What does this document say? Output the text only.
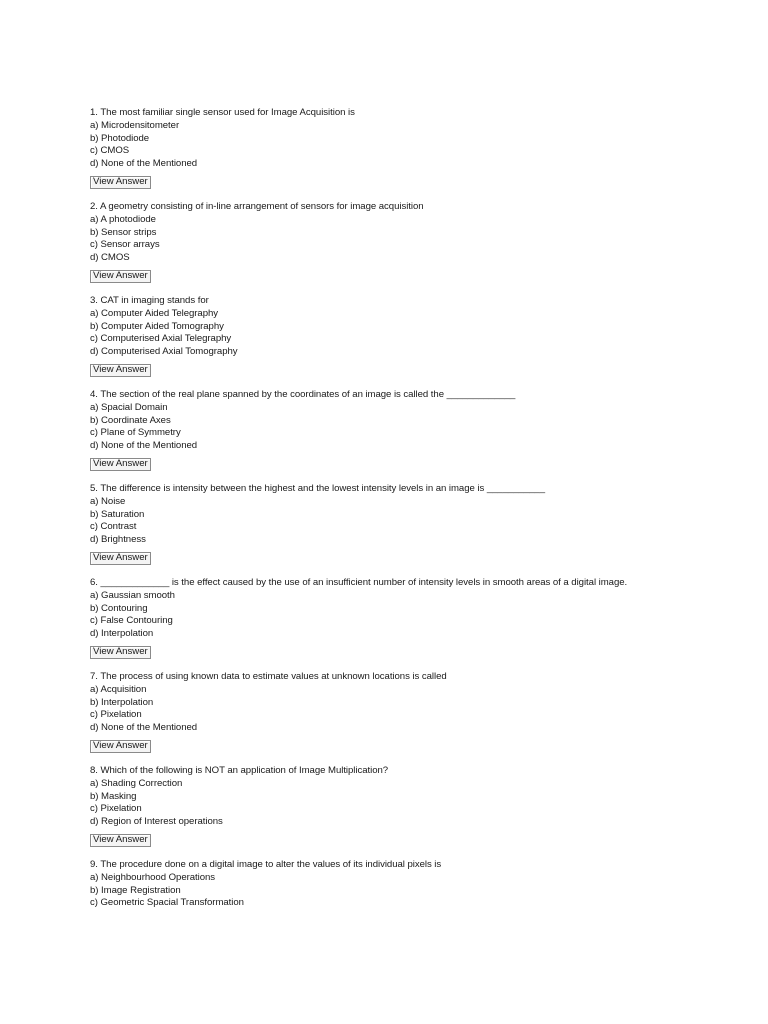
1. The most familiar single sensor used for Image Acquisition is
a) Microdensitometer
b) Photodiode
c) CMOS
d) None of the Mentioned
View Answer
2. A geometry consisting of in-line arrangement of sensors for image acquisition
a) A photodiode
b) Sensor strips
c) Sensor arrays
d) CMOS
View Answer
3. CAT in imaging stands for
a) Computer Aided Telegraphy
b) Computer Aided Tomography
c) Computerised Axial Telegraphy
d) Computerised Axial Tomography
View Answer
4. The section of the real plane spanned by the coordinates of an image is called the _____________
a) Spacial Domain
b) Coordinate Axes
c) Plane of Symmetry
d) None of the Mentioned
View Answer
5. The difference is intensity between the highest and the lowest intensity levels in an image is ___________
a) Noise
b) Saturation
c) Contrast
d) Brightness
View Answer
6. _____________ is the effect caused by the use of an insufficient number of intensity levels in smooth areas of a digital image.
a) Gaussian smooth
b) Contouring
c) False Contouring
d) Interpolation
View Answer
7. The process of using known data to estimate values at unknown locations is called
a) Acquisition
b) Interpolation
c) Pixelation
d) None of the Mentioned
View Answer
8. Which of the following is NOT an application of Image Multiplication?
a) Shading Correction
b) Masking
c) Pixelation
d) Region of Interest operations
View Answer
9. The procedure done on a digital image to alter the values of its individual pixels is
a) Neighbourhood Operations
b) Image Registration
c) Geometric Spacial Transformation
